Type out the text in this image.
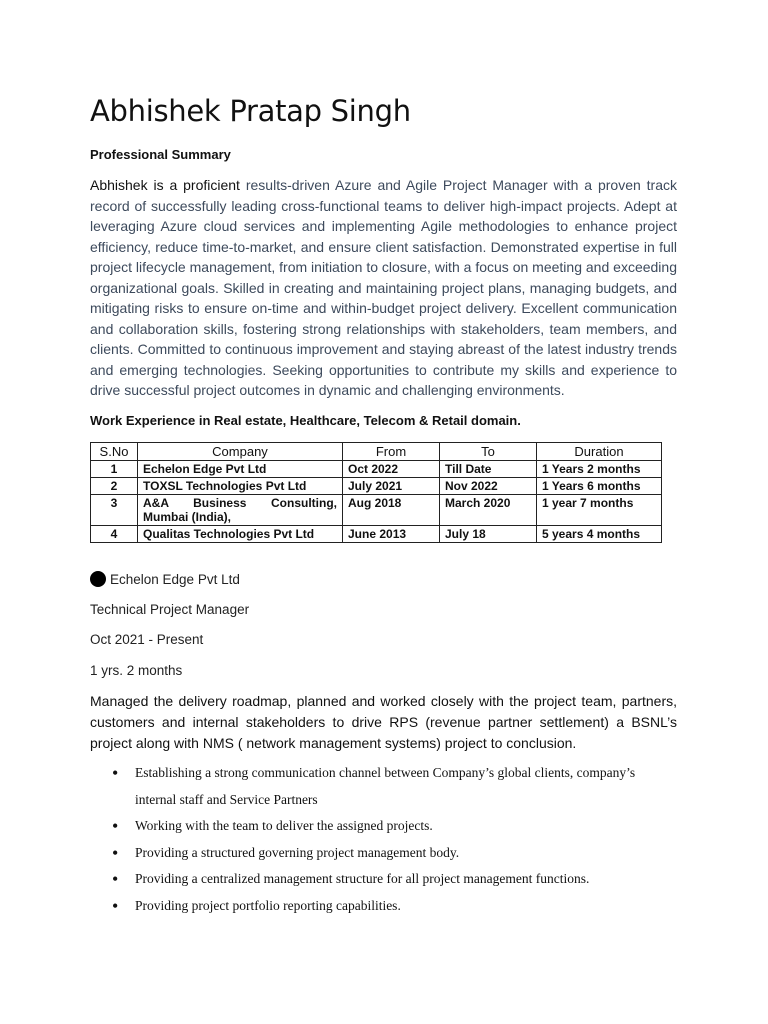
Abhishek Pratap Singh
Professional Summary
Abhishek is a proficient results-driven Azure and Agile Project Manager with a proven track record of successfully leading cross-functional teams to deliver high-impact projects. Adept at leveraging Azure cloud services and implementing Agile methodologies to enhance project efficiency, reduce time-to-market, and ensure client satisfaction. Demonstrated expertise in full project lifecycle management, from initiation to closure, with a focus on meeting and exceeding organizational goals. Skilled in creating and maintaining project plans, managing budgets, and mitigating risks to ensure on-time and within-budget project delivery. Excellent communication and collaboration skills, fostering strong relationships with stakeholders, team members, and clients. Committed to continuous improvement and staying abreast of the latest industry trends and emerging technologies. Seeking opportunities to contribute my skills and experience to drive successful project outcomes in dynamic and challenging environments.
Work Experience in Real estate, Healthcare, Telecom & Retail domain.
S.No	Company	From	To	Duration
1	Echelon Edge Pvt Ltd	Oct 2022	Till Date	1 Years 2 months
2	TOXSL Technologies Pvt Ltd	July 2021	Nov 2022	1 Years 6 months
3	A&A Business Consulting, Mumbai (India),	Aug 2018	March 2020	1 year 7 months
4	Qualitas Technologies Pvt Ltd	June 2013	July 18	5 years 4 months
Echelon Edge Pvt Ltd
Technical Project Manager
Oct 2021 - Present
1 yrs. 2 months
Managed the delivery roadmap, planned and worked closely with the project team, partners, customers and internal stakeholders to drive RPS (revenue partner settlement) a BSNL’s project along with NMS ( network management systems) project to conclusion.
• Establishing a strong communication channel between Company’s global clients, company’s internal staff and Service Partners
• Working with the team to deliver the assigned projects.
• Providing a structured governing project management body.
• Providing a centralized management structure for all project management functions.
• Providing project portfolio reporting capabilities.
